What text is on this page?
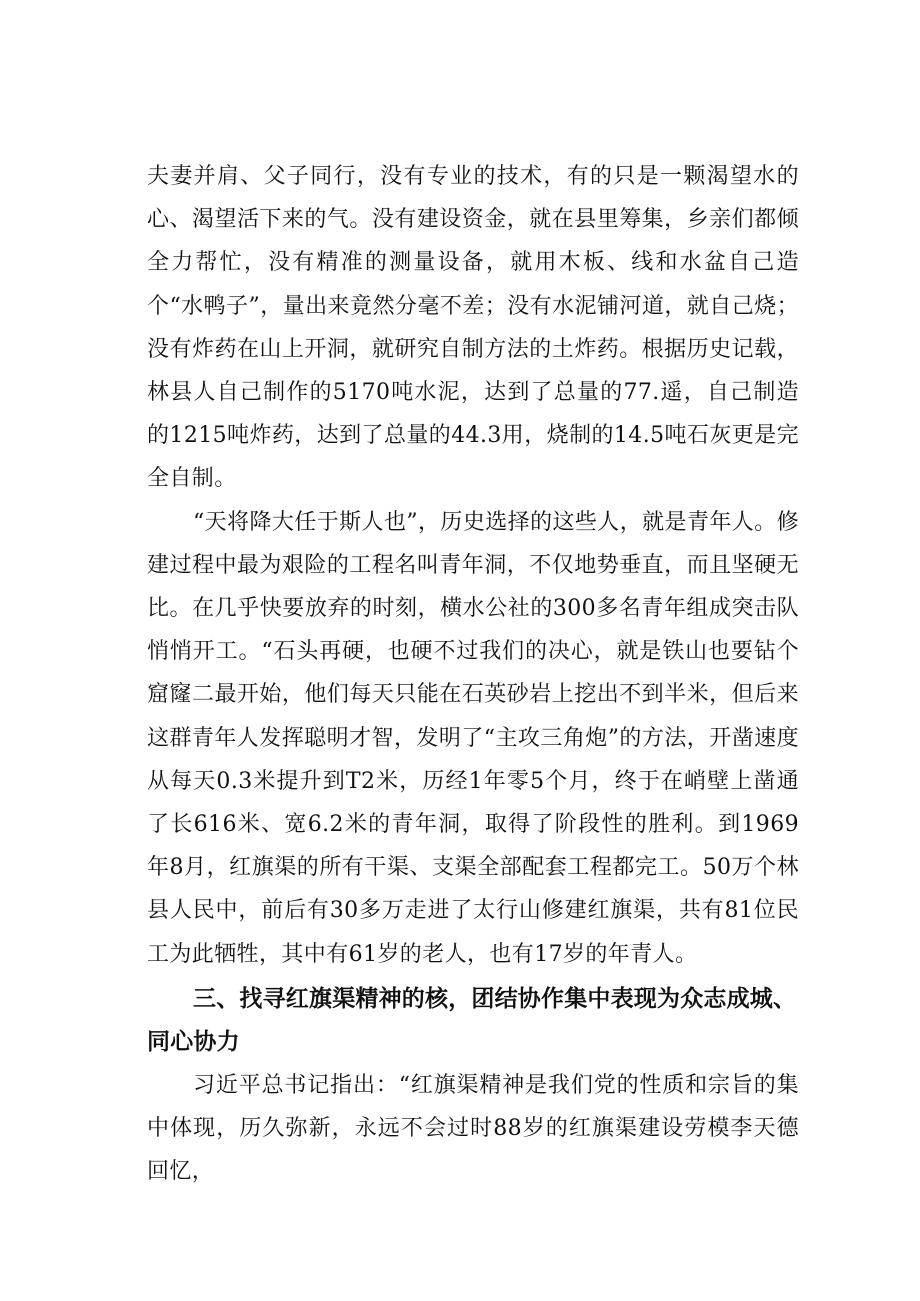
夫妻并肩、父子同行，没有专业的技术，有的只是一颗渴望水的心、渴望活下来的气。没有建设资金，就在县里筹集，乡亲们都倾全力帮忙，没有精准的测量设备，就用木板、线和水盆自己造个“水鸭子”，量出来竟然分毫不差；没有水泥铺河道，就自己烧；没有炸药在山上开洞，就研究自制方法的土炸药。根据历史记载，林县人自己制作的5170吨水泥，达到了总量的77.遥，自己制造的1215吨炸药，达到了总量的44.3用，烧制的14.5吨石灰更是完全自制。

“天将降大任于斯人也”，历史选择的这些人，就是青年人。修建过程中最为艰险的工程名叫青年洞，不仅地势垂直，而且坚硬无比。在几乎快要放弃的时刻，横水公社的300多名青年组成突击队悄悄开工。“石头再硬，也硬不过我们的决心，就是铁山也要钻个窟窿二最开始，他们每天只能在石英砂岩上挖出不到半米，但后来这群青年人发挥聪明才智，发明了“主攻三角炮”的方法，开凿速度从每天0.3米提升到T2米，历经1年零5个月，终于在峭壁上凿通了长616米、宽6.2米的青年洞，取得了阶段性的胜利。到1969年8月，红旗渠的所有干渠、支渠全部配套工程都完工。50万个林县人民中，前后有30多万走进了太行山修建红旗渠，共有81位民工为此牺牲，其中有61岁的老人，也有17岁的年青人。

三、找寻红旗渠精神的核，团结协作集中表现为众志成城、同心协力

习近平总书记指出：“红旗渠精神是我们党的性质和宗旨的集中体现，历久弥新，永远不会过时88岁的红旗渠建设劳模李天德回忆，
